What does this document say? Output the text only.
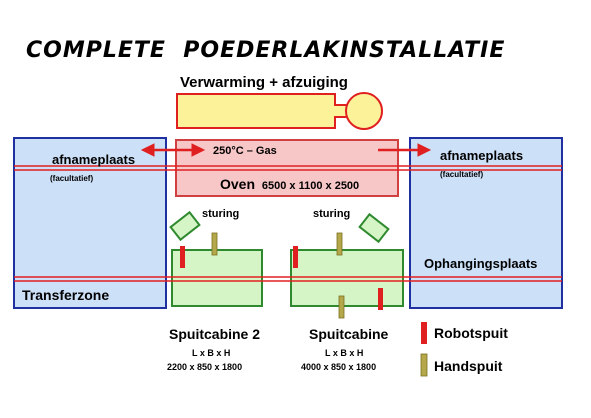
COMPLETE  POEDERLAKINSTALLATIE
Verwarming + afzuiging
250°C – Gas
Oven 6500 x 1100 x 2500
afnameplaats
(facultatief)
Transferzone
afnameplaats
(facultatief)
Ophangingsplaats
sturing	sturing
Spuitcabine 2
L x B x H
2200 x 850 x 1800
Spuitcabine
L x B x H
4000 x 850 x 1800
Robotspuit
Handspuit
